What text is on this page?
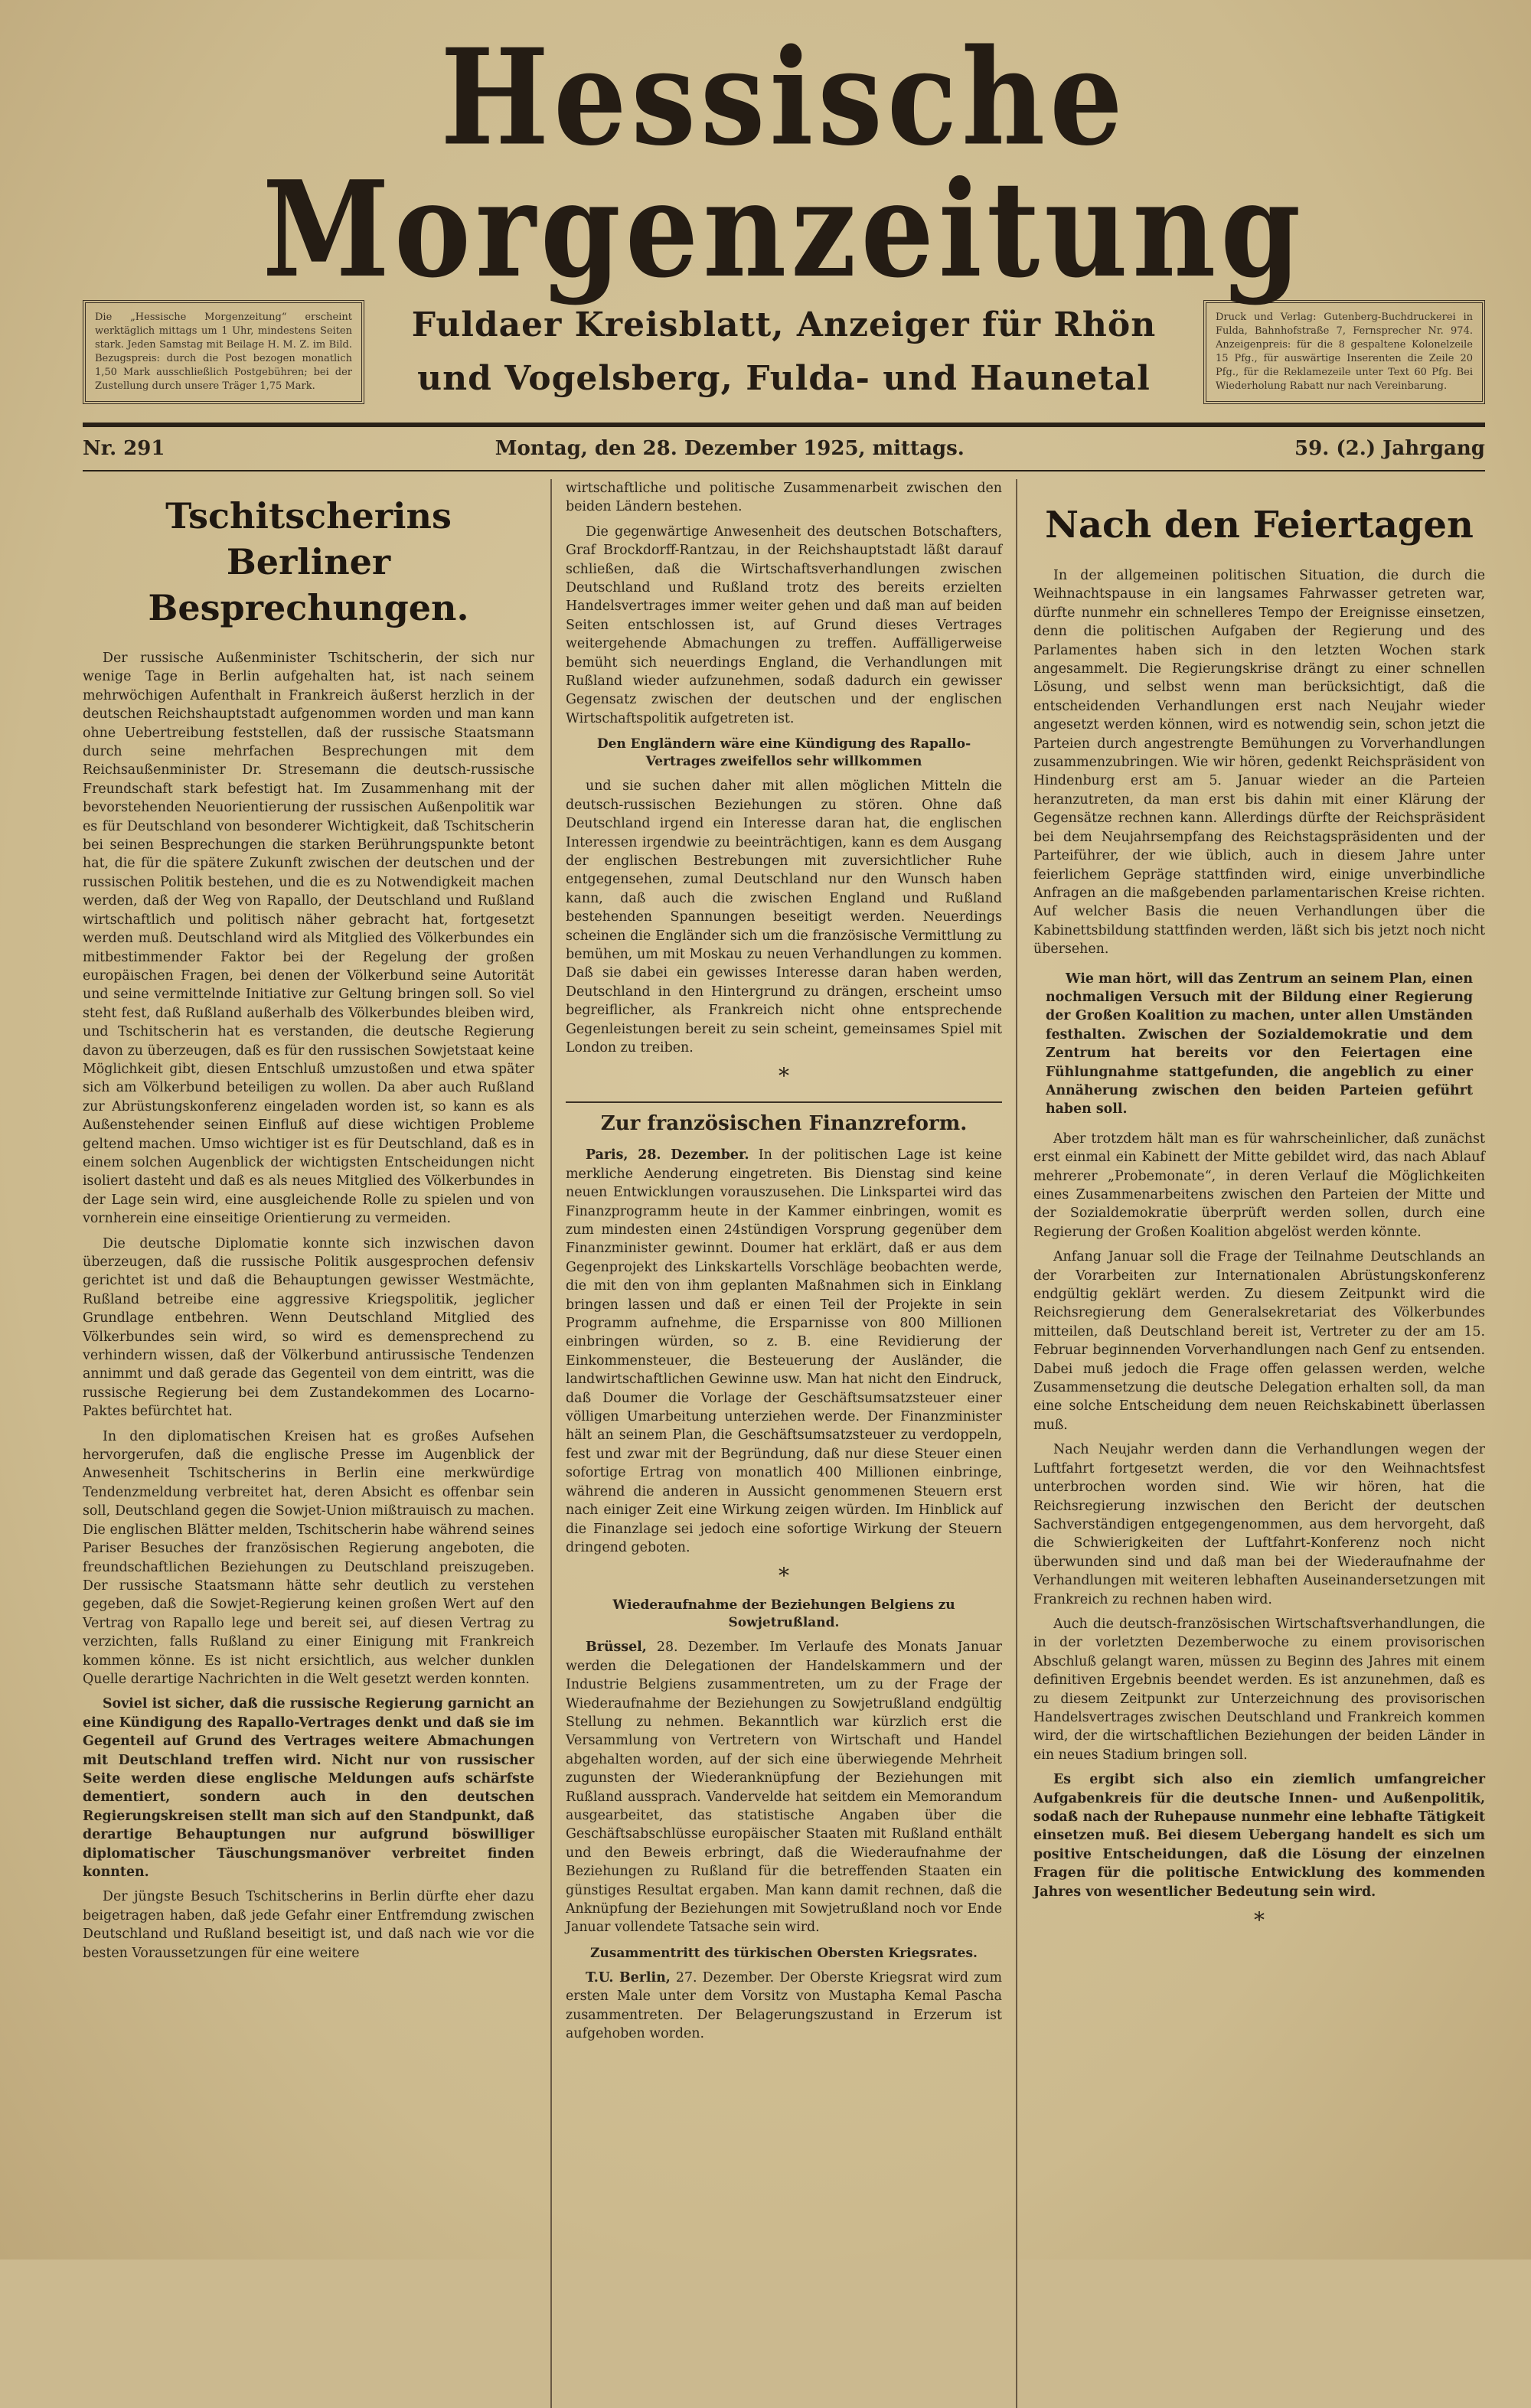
Hessische Morgenzeitung
Die „Hessische Morgenzeitung“ erscheint werktäglich mittags um 1 Uhr, mindestens Seiten stark. Jeden Samstag mit Beilage H. M. Z. im Bild. Bezugspreis: durch die Post bezogen monatlich 1,50 Mark ausschließlich Postgebühren; bei der Zustellung durch unsere Träger 1,75 Mark.
Fuldaer Kreisblatt, Anzeiger für Rhön
und Vogelsberg, Fulda- und Haunetal
Druck und Verlag: Gutenberg-Buchdruckerei in Fulda, Bahnhofstraße 7, Fernsprecher Nr. 974. Anzeigenpreis: für die 8 gespaltene Kolonelzeile 15 Pfg., für auswärtige Inserenten die Zeile 20 Pfg., für die Reklamezeile unter Text 60 Pfg. Bei Wiederholung Rabatt nur nach Vereinbarung.
Nr. 291	Montag, den 28. Dezember 1925, mittags.	59. (2.) Jahrgang
Tschitscherins
Berliner Besprechungen.

Der russische Außenminister Tschitscherin, der sich nur wenige Tage in Berlin aufgehalten hat, ist nach seinem mehrwöchigen Aufenthalt in Frankreich äußerst herzlich in der deutschen Reichshauptstadt aufgenommen worden und man kann ohne Uebertreibung feststellen, daß der russische Staatsmann durch seine mehrfachen Besprechungen mit dem Reichsaußenminister Dr. Stresemann die deutsch-russische Freundschaft stark befestigt hat. Im Zusammenhang mit der bevorstehenden Neuorientierung der russischen Außenpolitik war es für Deutschland von besonderer Wichtigkeit, daß Tschitscherin bei seinen Besprechungen die starken Berührungspunkte betont hat, die für die spätere Zukunft zwischen der deutschen und der russischen Politik bestehen, und die es zu Notwendigkeit machen werden, daß der Weg von Rapallo, der Deutschland und Rußland wirtschaftlich und politisch näher gebracht hat, fortgesetzt werden muß. Deutschland wird als Mitglied des Völkerbundes ein mitbestimmender Faktor bei der Regelung der großen europäischen Fragen, bei denen der Völkerbund seine Autorität und seine vermittelnde Initiative zur Geltung bringen soll. So viel steht fest, daß Rußland außerhalb des Völkerbundes bleiben wird, und Tschitscherin hat es verstanden, die deutsche Regierung davon zu überzeugen, daß es für den russischen Sowjetstaat keine Möglichkeit gibt, diesen Entschluß umzustoßen und etwa später sich am Völkerbund beteiligen zu wollen. Da aber auch Rußland zur Abrüstungskonferenz eingeladen worden ist, so kann es als Außenstehender seinen Einfluß auf diese wichtigen Probleme geltend machen. Umso wichtiger ist es für Deutschland, daß es in einem solchen Augenblick der wichtigsten Entscheidungen nicht isoliert dasteht und daß es als neues Mitglied des Völkerbundes in der Lage sein wird, eine ausgleichende Rolle zu spielen und von vornherein eine einseitige Orientierung zu vermeiden.

Die deutsche Diplomatie konnte sich inzwischen davon überzeugen, daß die russische Politik ausgesprochen defensiv gerichtet ist und daß die Behauptungen gewisser Westmächte, Rußland betreibe eine aggressive Kriegspolitik, jeglicher Grundlage entbehren. Wenn Deutschland Mitglied des Völkerbundes sein wird, so wird es demensprechend zu verhindern wissen, daß der Völkerbund antirussische Tendenzen annimmt und daß gerade das Gegenteil von dem eintritt, was die russische Regierung bei dem Zustandekommen des Locarno-Paktes befürchtet hat.

In den diplomatischen Kreisen hat es großes Aufsehen hervorgerufen, daß die englische Presse im Augenblick der Anwesenheit Tschitscherins in Berlin eine merkwürdige Tendenzmeldung verbreitet hat, deren Absicht es offenbar sein soll, Deutschland gegen die Sowjet-Union mißtrauisch zu machen. Die englischen Blätter melden, Tschitscherin habe während seines Pariser Besuches der französischen Regierung angeboten, die freundschaftlichen Beziehungen zu Deutschland preiszugeben. Der russische Staatsmann hätte sehr deutlich zu verstehen gegeben, daß die Sowjet-Regierung keinen großen Wert auf den Vertrag von Rapallo lege und bereit sei, auf diesen Vertrag zu verzichten, falls Rußland zu einer Einigung mit Frankreich kommen könne. Es ist nicht ersichtlich, aus welcher dunklen Quelle derartige Nachrichten in die Welt gesetzt werden konnten.

Soviel ist sicher, daß die russische Regierung garnicht an eine Kündigung des Rapallo-Vertrages denkt und daß sie im Gegenteil auf Grund des Vertrages weitere Abmachungen mit Deutschland treffen wird. Nicht nur von russischer Seite werden diese englische Meldungen aufs schärfste dementiert, sondern auch in den deutschen Regierungskreisen stellt man sich auf den Standpunkt, daß derartige Behauptungen nur aufgrund böswilliger diplomatischer Täuschungsmanöver verbreitet finden konnten.

Der jüngste Besuch Tschitscherins in Berlin dürfte eher dazu beigetragen haben, daß jede Gefahr einer Entfremdung zwischen Deutschland und Rußland beseitigt ist, und daß nach wie vor die besten Voraussetzungen für eine weitere

wirtschaftliche und politische Zusammenarbeit zwischen den beiden Ländern bestehen.

Die gegenwärtige Anwesenheit des deutschen Botschafters, Graf Brockdorff-Rantzau, in der Reichshauptstadt läßt darauf schließen, daß die Wirtschaftsverhandlungen zwischen Deutschland und Rußland trotz des bereits erzielten Handelsvertrages immer weiter gehen und daß man auf beiden Seiten entschlossen ist, auf Grund dieses Vertrages weitergehende Abmachungen zu treffen. Auffälligerweise bemüht sich neuerdings England, die Verhandlungen mit Rußland wieder aufzunehmen, sodaß dadurch ein gewisser Gegensatz zwischen der deutschen und der englischen Wirtschaftspolitik aufgetreten ist.

Den Engländern wäre eine Kündigung des Rapallo-Vertrages zweifellos sehr willkommen

und sie suchen daher mit allen möglichen Mitteln die deutsch-russischen Beziehungen zu stören. Ohne daß Deutschland irgend ein Interesse daran hat, die englischen Interessen irgendwie zu beeinträchtigen, kann es dem Ausgang der englischen Bestrebungen mit zuversichtlicher Ruhe entgegensehen, zumal Deutschland nur den Wunsch haben kann, daß auch die zwischen England und Rußland bestehenden Spannungen beseitigt werden. Neuerdings scheinen die Engländer sich um die französische Vermittlung zu bemühen, um mit Moskau zu neuen Verhandlungen zu kommen. Daß sie dabei ein gewisses Interesse daran haben werden, Deutschland in den Hintergrund zu drängen, erscheint umso begreiflicher, als Frankreich nicht ohne entsprechende Gegenleistungen bereit zu sein scheint, gemeinsames Spiel mit London zu treiben.

*
Zur französischen Finanzreform.

Paris, 28. Dezember. In der politischen Lage ist keine merkliche Aenderung eingetreten. Bis Dienstag sind keine neuen Entwicklungen vorauszusehen. Die Linkspartei wird das Finanzprogramm heute in der Kammer einbringen, womit es zum mindesten einen 24stündigen Vorsprung gegenüber dem Finanzminister gewinnt. Doumer hat erklärt, daß er aus dem Gegenprojekt des Linkskartells Vorschläge beobachten werde, die mit den von ihm geplanten Maßnahmen sich in Einklang bringen lassen und daß er einen Teil der Projekte in sein Programm aufnehme, die Ersparnisse von 800 Millionen einbringen würden, so z. B. eine Revidierung der Einkommensteuer, die Besteuerung der Ausländer, die landwirtschaftlichen Gewinne usw. Man hat nicht den Eindruck, daß Doumer die Vorlage der Geschäftsumsatzsteuer einer völligen Umarbeitung unterziehen werde. Der Finanzminister hält an seinem Plan, die Geschäftsumsatzsteuer zu verdoppeln, fest und zwar mit der Begründung, daß nur diese Steuer einen sofortige Ertrag von monatlich 400 Millionen einbringe, während die anderen in Aussicht genommenen Steuern erst nach einiger Zeit eine Wirkung zeigen würden. Im Hinblick auf die Finanzlage sei jedoch eine sofortige Wirkung der Steuern dringend geboten.

*
Wiederaufnahme der Beziehungen Belgiens zu Sowjetrußland.

Brüssel, 28. Dezember. Im Verlaufe des Monats Januar werden die Delegationen der Handelskammern und der Industrie Belgiens zusammentreten, um zu der Frage der Wiederaufnahme der Beziehungen zu Sowjetrußland endgültig Stellung zu nehmen. Bekanntlich war kürzlich erst die Versammlung von Vertretern von Wirtschaft und Handel abgehalten worden, auf der sich eine überwiegende Mehrheit zugunsten der Wiederanknüpfung der Beziehungen mit Rußland aussprach. Vandervelde hat seitdem ein Memorandum ausgearbeitet, das statistische Angaben über die Geschäftsabschlüsse europäischer Staaten mit Rußland enthält und den Beweis erbringt, daß die Wiederaufnahme der Beziehungen zu Rußland für die betreffenden Staaten ein günstiges Resultat ergaben. Man kann damit rechnen, daß die Anknüpfung der Beziehungen mit Sowjetrußland noch vor Ende Januar vollendete Tatsache sein wird.

Zusammentritt des türkischen Obersten Kriegsrates.

T.U. Berlin, 27. Dezember. Der Oberste Kriegsrat wird zum ersten Male unter dem Vorsitz von Mustapha Kemal Pascha zusammentreten. Der Belagerungszustand in Erzerum ist aufgehoben worden.

Nach den Feiertagen

In der allgemeinen politischen Situation, die durch die Weihnachtspause in ein langsames Fahrwasser getreten war, dürfte nunmehr ein schnelleres Tempo der Ereignisse einsetzen, denn die politischen Aufgaben der Regierung und des Parlamentes haben sich in den letzten Wochen stark angesammelt. Die Regierungskrise drängt zu einer schnellen Lösung, und selbst wenn man berücksichtigt, daß die entscheidenden Verhandlungen erst nach Neujahr wieder angesetzt werden können, wird es notwendig sein, schon jetzt die Parteien durch angestrengte Bemühungen zu Vorverhandlungen zusammenzubringen. Wie wir hören, gedenkt Reichspräsident von Hindenburg erst am 5. Januar wieder an die Parteien heranzutreten, da man erst bis dahin mit einer Klärung der Gegensätze rechnen kann. Allerdings dürfte der Reichspräsident bei dem Neujahrsempfang des Reichstagspräsidenten und der Parteiführer, der wie üblich, auch in diesem Jahre unter feierlichem Gepräge stattfinden wird, einige unverbindliche Anfragen an die maßgebenden parlamentarischen Kreise richten. Auf welcher Basis die neuen Verhandlungen über die Kabinettsbildung stattfinden werden, läßt sich bis jetzt noch nicht übersehen.

Wie man hört, will das Zentrum an seinem Plan, einen nochmaligen Versuch mit der Bildung einer Regierung der Großen Koalition zu machen, unter allen Umständen festhalten. Zwischen der Sozialdemokratie und dem Zentrum hat bereits vor den Feiertagen eine Fühlungnahme stattgefunden, die angeblich zu einer Annäherung zwischen den beiden Parteien geführt haben soll.

Aber trotzdem hält man es für wahrscheinlicher, daß zunächst erst einmal ein Kabinett der Mitte gebildet wird, das nach Ablauf mehrerer „Probemonate“, in deren Verlauf die Möglichkeiten eines Zusammenarbeitens zwischen den Parteien der Mitte und der Sozialdemokratie überprüft werden sollen, durch eine Regierung der Großen Koalition abgelöst werden könnte.

Anfang Januar soll die Frage der Teilnahme Deutschlands an der Vorarbeiten zur Internationalen Abrüstungskonferenz endgültig geklärt werden. Zu diesem Zeitpunkt wird die Reichsregierung dem Generalsekretariat des Völkerbundes mitteilen, daß Deutschland bereit ist, Vertreter zu der am 15. Februar beginnenden Vorverhandlungen nach Genf zu entsenden. Dabei muß jedoch die Frage offen gelassen werden, welche Zusammensetzung die deutsche Delegation erhalten soll, da man eine solche Entscheidung dem neuen Reichskabinett überlassen muß.

Nach Neujahr werden dann die Verhandlungen wegen der Luftfahrt fortgesetzt werden, die vor den Weihnachtsfest unterbrochen worden sind. Wie wir hören, hat die Reichsregierung inzwischen den Bericht der deutschen Sachverständigen entgegengenommen, aus dem hervorgeht, daß die Schwierigkeiten der Luftfahrt-Konferenz noch nicht überwunden sind und daß man bei der Wiederaufnahme der Verhandlungen mit weiteren lebhaften Auseinandersetzungen mit Frankreich zu rechnen haben wird.

Auch die deutsch-französischen Wirtschaftsverhandlungen, die in der vorletzten Dezemberwoche zu einem provisorischen Abschluß gelangt waren, müssen zu Beginn des Jahres mit einem definitiven Ergebnis beendet werden. Es ist anzunehmen, daß es zu diesem Zeitpunkt zur Unterzeichnung des provisorischen Handelsvertrages zwischen Deutschland und Frankreich kommen wird, der die wirtschaftlichen Beziehungen der beiden Länder in ein neues Stadium bringen soll.

Es ergibt sich also ein ziemlich umfangreicher Aufgabenkreis für die deutsche Innen- und Außenpolitik, sodaß nach der Ruhepause nunmehr eine lebhafte Tätigkeit einsetzen muß. Bei diesem Uebergang handelt es sich um positive Entscheidungen, daß die Lösung der einzelnen Fragen für die politische Entwicklung des kommenden Jahres von wesentlicher Bedeutung sein wird.

*
